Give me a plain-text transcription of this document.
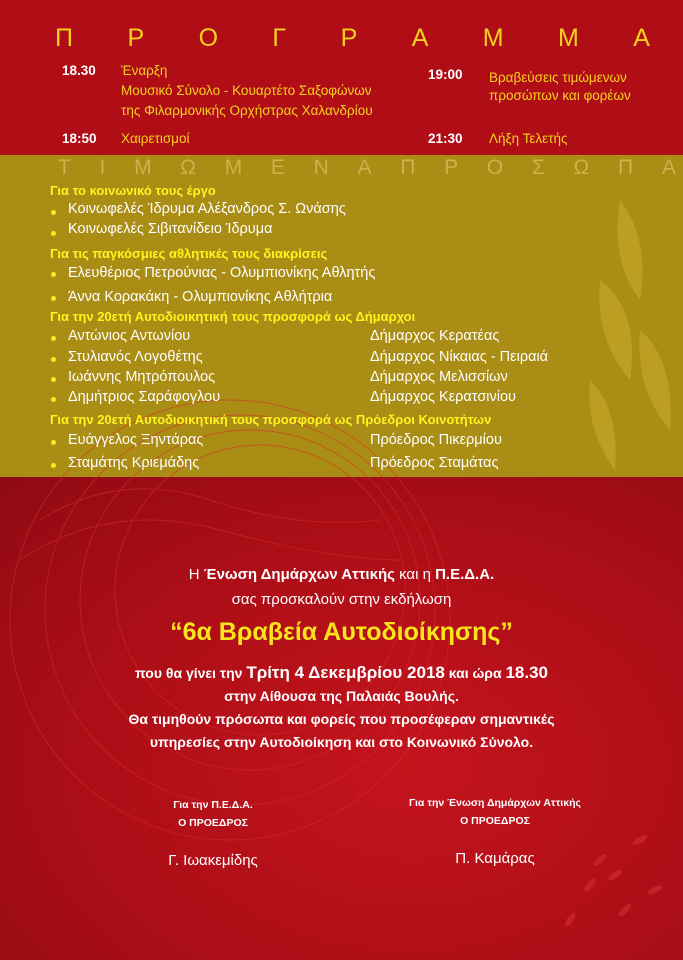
Π Ρ Ο Γ Ρ Α Μ Μ Α
18.30 Έναρξη
Μουσικό Σύνολο - Κουαρτέτο Σαξοφώνων
της Φιλαρμονικής Ορχήστρας Χαλανδρίου
18:50 Χαιρετισμοί
19:00 Βραβεύσεις τιμώμενων
προσώπων και φορέων
21:30 Λήξη Τελετής
Τ Ι Μ Ω Μ Ε Ν Α Π Ρ Ο Σ Ω Π Α
Για το κοινωνικό τους έργο
Κοινωφελές Ίδρυμα Αλέξανδρος Σ. Ωνάσης
Κοινωφελές Σιβιτανίδειο Ίδρυμα
Για τις παγκόσμιες αθλητικές τους διακρίσεις
Ελευθέριος Πετρούνιας - Ολυμπιονίκης Αθλητής
Άννα Κορακάκη - Ολυμπιονίκης Αθλήτρια
Για την 20ετή Αυτοδιοικητική τους προσφορά ως Δήμαρχοι
Αντώνιος Αντωνίου	Δήμαρχος Κερατέας
Στυλιανός Λογοθέτης	Δήμαρχος Νίκαιας - Πειραιά
Ιωάννης Μητρόπουλος	Δήμαρχος Μελισσίων
Δημήτριος Σαράφογλου	Δήμαρχος Κερατσινίου
Για την 20ετή Αυτοδιοικητική τους προσφορά ως Πρόεδροι Κοινοτήτων
Ευάγγελος Ξηντάρας	Πρόεδρος Πικερμίου
Σταμάτης Κριεμάδης	Πρόεδρος Σταμάτας
Η Ένωση Δημάρχων Αττικής και η Π.Ε.Δ.Α.
σας προσκαλούν στην εκδήλωση
“6α Βραβεία Αυτοδιοίκησης”
που θα γίνει την Τρίτη 4 Δεκεμβρίου 2018 και ώρα 18.30
στην Αίθουσα της Παλαιάς Βουλής.
Θα τιμηθούν πρόσωπα και φορείς που προσέφεραν σημαντικές
υπηρεσίες στην Αυτοδιοίκηση και στο Κοινωνικό Σύνολο.
Για την Π.Ε.Δ.Α.
Ο ΠΡΟΕΔΡΟΣ
Γ. Ιωακεμίδης
Για την Ένωση Δημάρχων Αττικής
Ο ΠΡΟΕΔΡΟΣ
Π. Καμάρας
